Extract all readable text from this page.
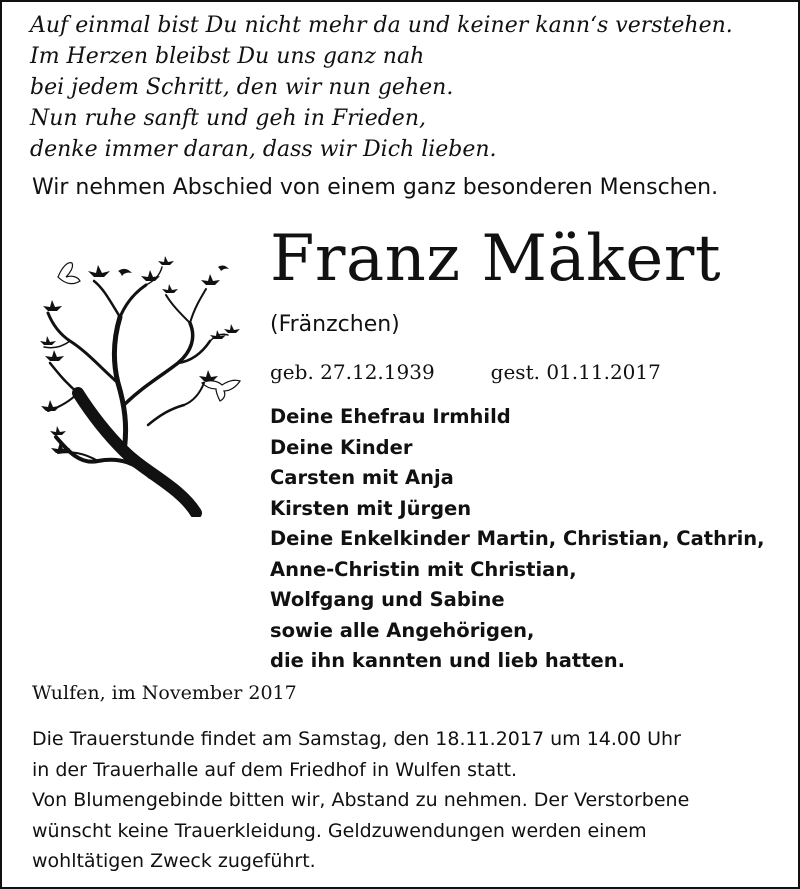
Auf einmal bist Du nicht mehr da und keiner kann‘s verstehen.
Im Herzen bleibst Du uns ganz nah
bei jedem Schritt, den wir nun gehen.
Nun ruhe sanft und geh in Frieden,
denke immer daran, dass wir Dich lieben.
Wir nehmen Abschied von einem ganz besonderen Menschen.
Franz Mäkert
(Fränzchen)
geb. 27.12.1939	gest. 01.11.2017
Deine Ehefrau Irmhild
Deine Kinder
Carsten mit Anja
Kirsten mit Jürgen
Deine Enkelkinder Martin, Christian, Cathrin,
Anne-Christin mit Christian,
Wolfgang und Sabine
sowie alle Angehörigen,
die ihn kannten und lieb hatten.
Wulfen, im November 2017
Die Trauerstunde findet am Samstag, den 18.11.2017 um 14.00 Uhr
in der Trauerhalle auf dem Friedhof in Wulfen statt.
Von Blumengebinde bitten wir, Abstand zu nehmen. Der Verstorbene
wünscht keine Trauerkleidung. Geldzuwendungen werden einem
wohltätigen Zweck zugeführt.
